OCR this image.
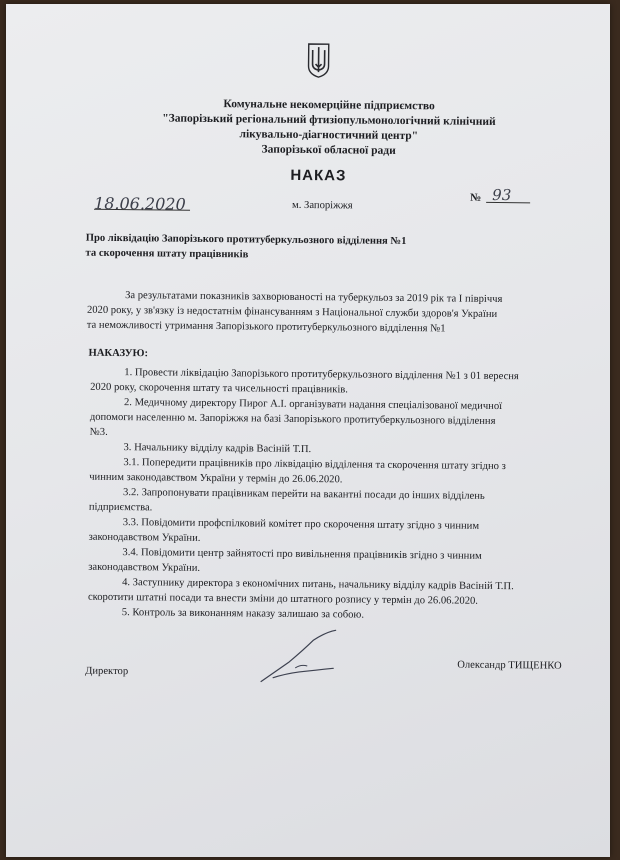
Комунальне некомерційне підприємство
"Запорізький регіональний фтизіопульмонологічний клінічний
лікувально-діагностичний центр"
Запорізької обласної ради
НАКАЗ
18.06.2020	м. Запоріжжя
№ 93
Про ліквідацію Запорізького протитуберкульозного відділення №1
та скорочення штату працівників
За результатами показників захворюваності на туберкульоз за 2019 рік та І півріччя
2020 року, у зв'язку із недостатнім фінансуванням з Національної служби здоров'я України
та неможливості утримання Запорізького протитуберкульозного відділення №1
НАКАЗУЮ:
1. Провести ліквідацію Запорізького протитуберкульозного відділення №1 з 01 вересня
2020 року, скорочення штату та чисельності працівників.
2. Медичному директору Пирог А.І. організувати надання спеціалізованої медичної
допомоги населенню м. Запоріжжя на базі Запорізького протитуберкульозного відділення
№3.
3. Начальнику відділу кадрів Васіній Т.П.
3.1. Попередити працівників про ліквідацію відділення та скорочення штату згідно з
чинним законодавством України у термін до 26.06.2020.
3.2. Запропонувати працівникам перейти на вакантні посади до інших відділень
підприємства.
3.3. Повідомити профспілковий комітет про скорочення штату згідно з чинним
законодавством України.
3.4. Повідомити центр зайнятості про вивільнення працівників згідно з чинним
законодавством України.
4. Заступнику директора з економічних питань, начальнику відділу кадрів Васіній Т.П.
скоротити штатні посади та внести зміни до штатного розпису у термін до 26.06.2020.
5. Контроль за виконанням наказу залишаю за собою.
Директор	Олександр ТИЩЕНКО
